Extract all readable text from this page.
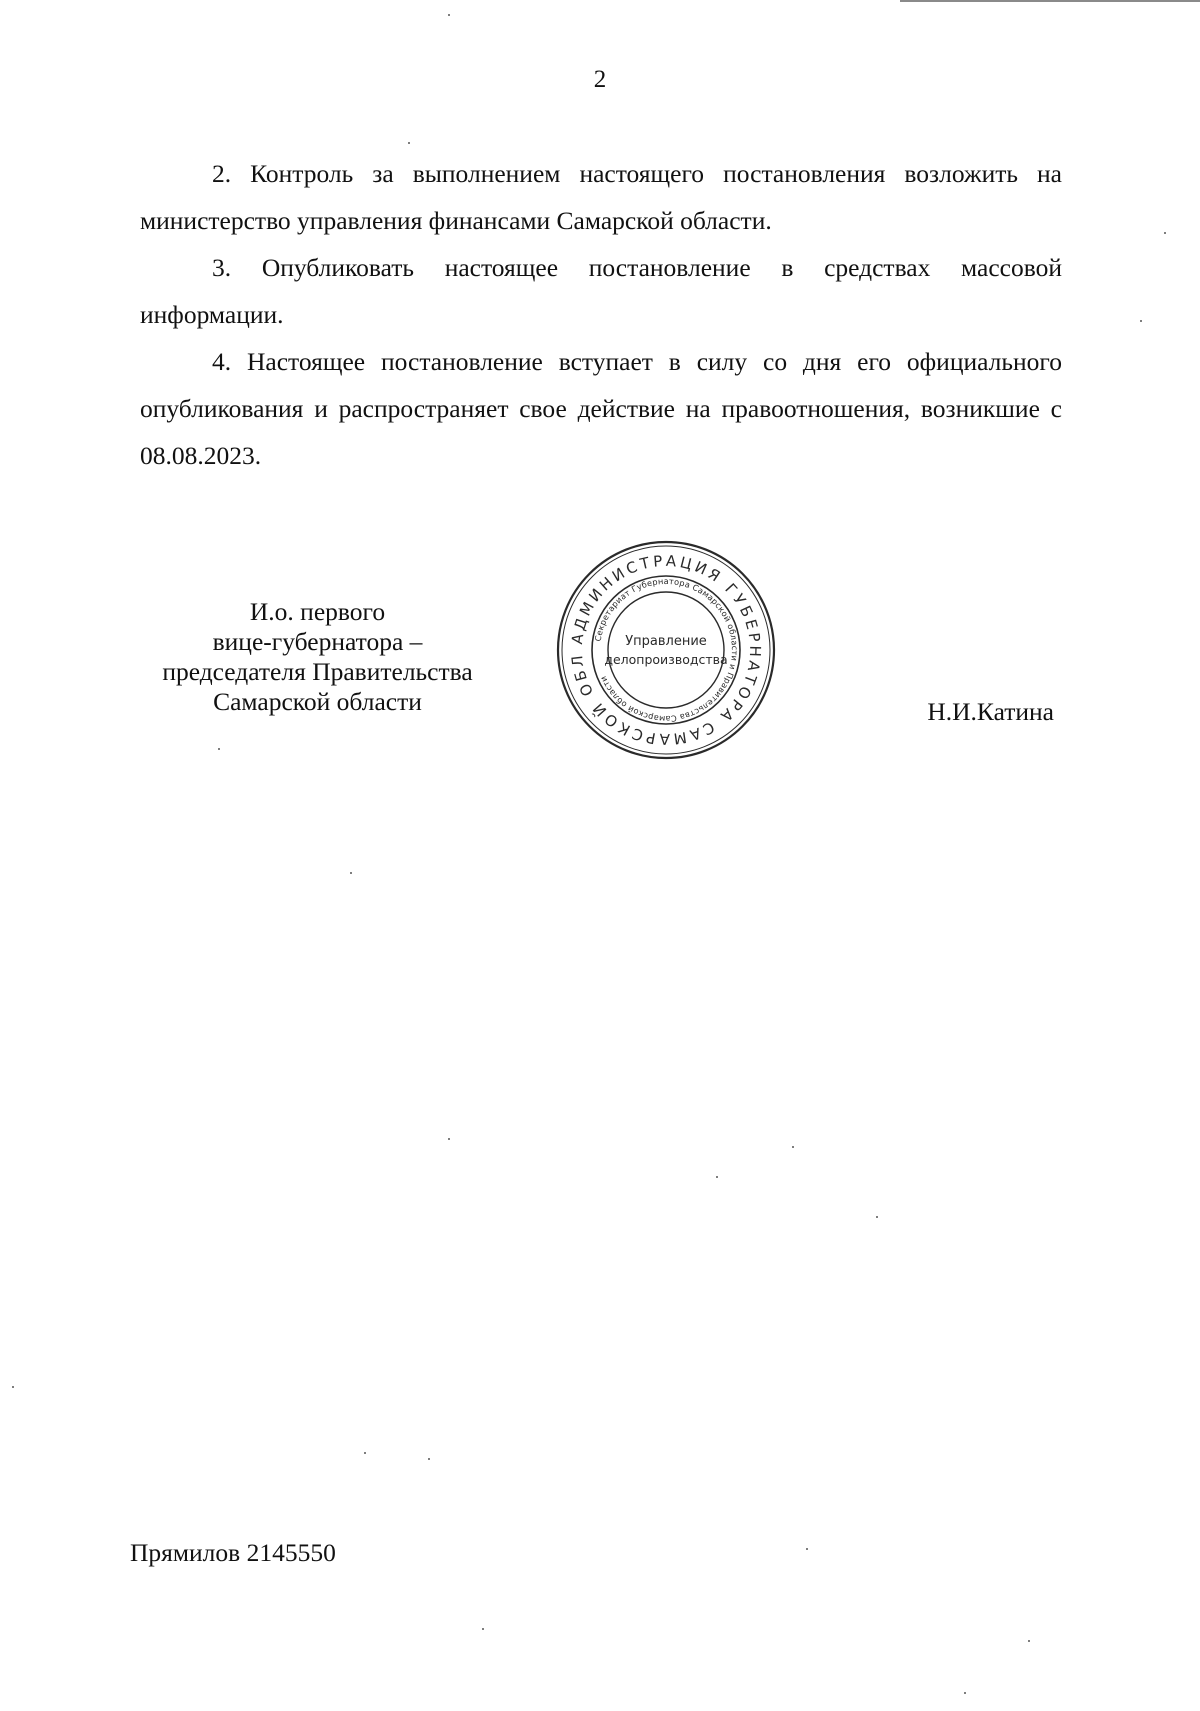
2

2. Контроль за выполнением настоящего постановления возложить на министерство управления финансами Самарской области.

3. Опубликовать настоящее постановление в средствах массовой информации.

4. Настоящее постановление вступает в силу со дня его официального опубликования и распространяет свое действие на правоотношения, возникшие с 08.08.2023.

И.о. первого
вице-губернатора –
председателя Правительства
Самарской области
АДМИНИСТРАЦИЯ ГУБЕРНАТОРА САМАРСКОЙ ОБЛ
Секретариат Губернатора Самарской области и Правительства Самарской области
Управление
делопроизводства
Н.И.Катина
Прямилов 2145550
